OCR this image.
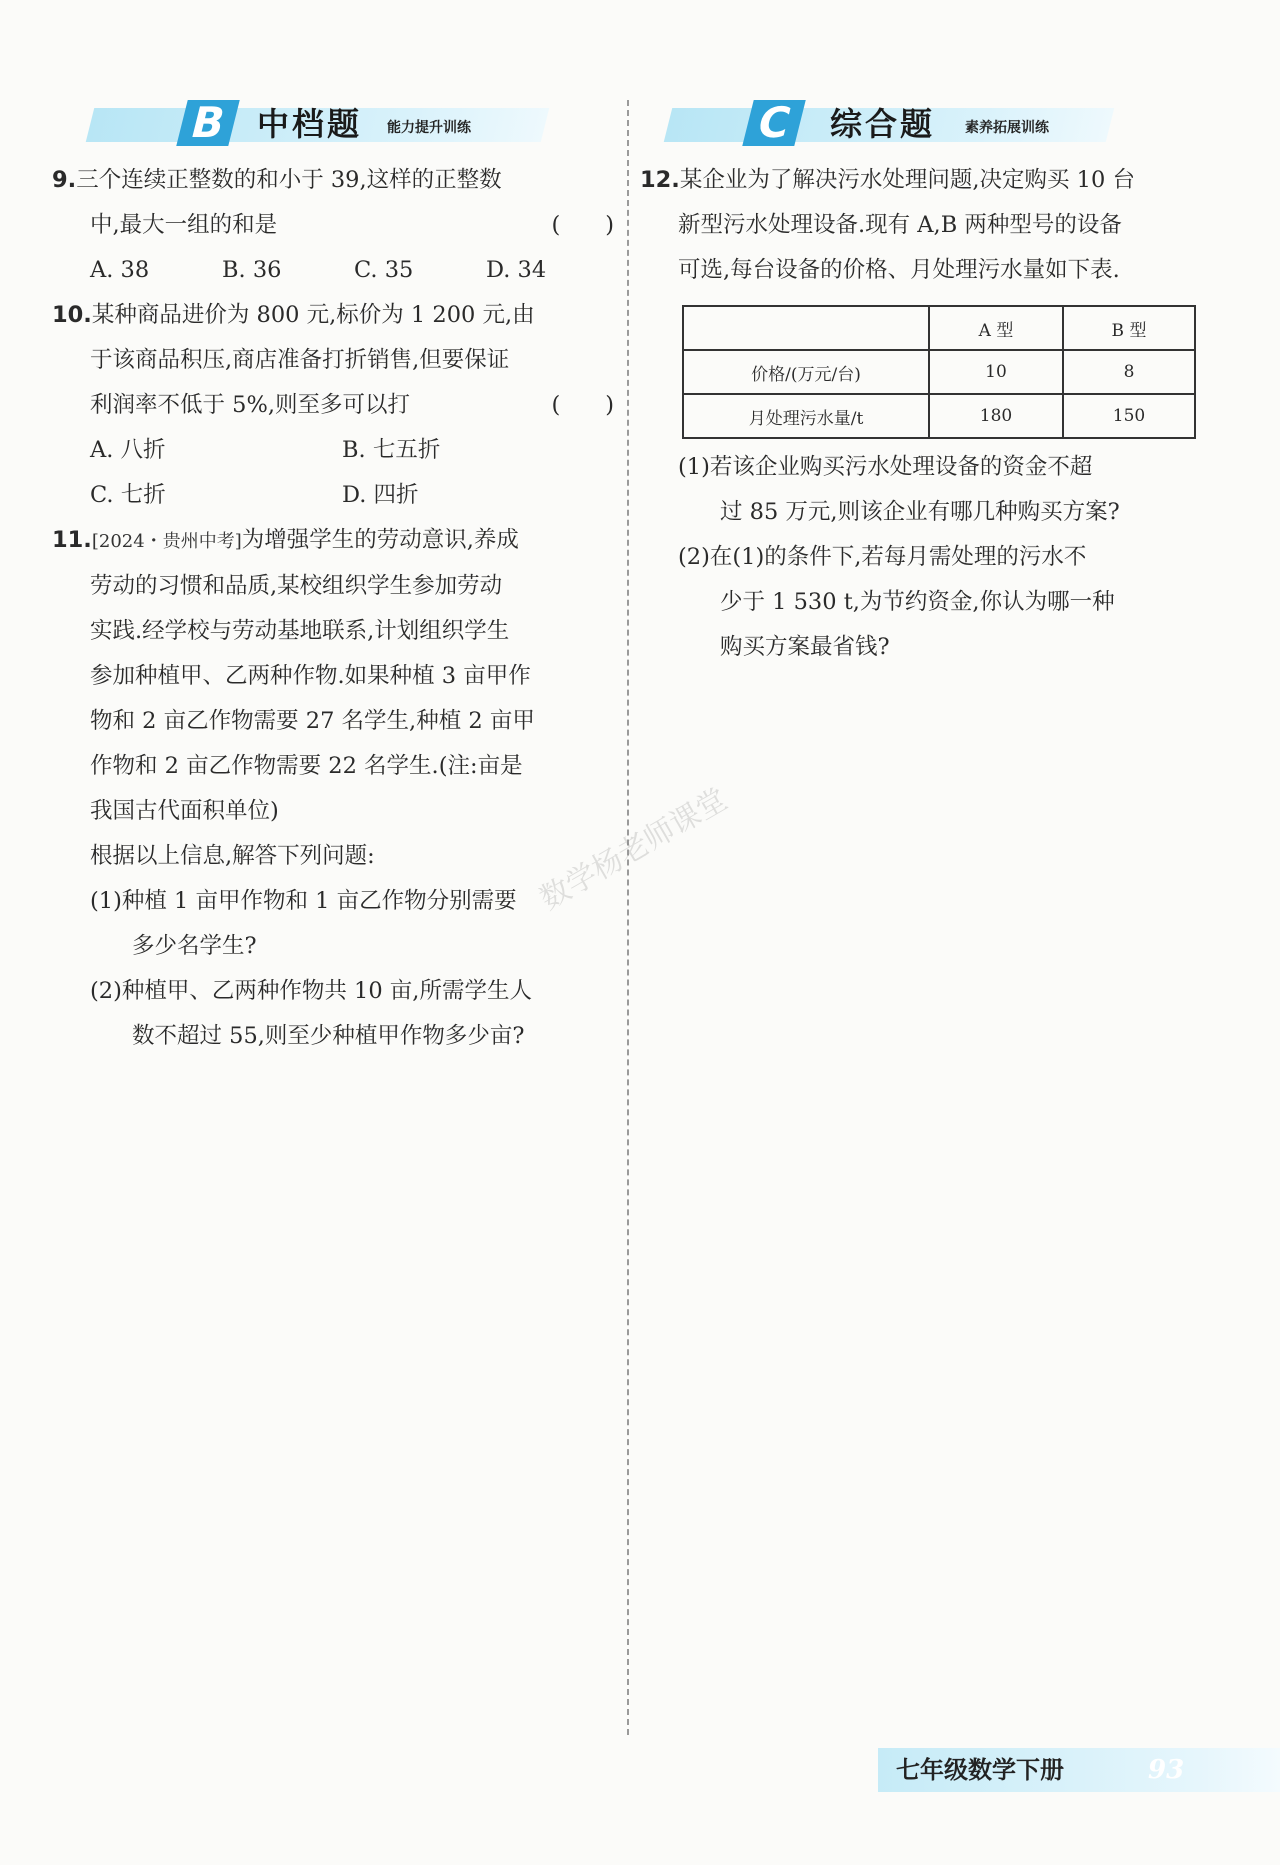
B 中档题 能力提升训练
9.三个连续正整数的和小于 39,这样的正整数
中,最大一组的和是	(　　)
A. 38	B. 36	C. 35	D. 34
10.某种商品进价为 800 元,标价为 1 200 元,由
于该商品积压,商店准备打折销售,但要保证
利润率不低于 5%,则至多可以打	(　　)
A. 八折	B. 七五折
C. 七折	D. 四折
11.[2024・贵州中考]为增强学生的劳动意识,养成
劳动的习惯和品质,某校组织学生参加劳动
实践.经学校与劳动基地联系,计划组织学生
参加种植甲、乙两种作物.如果种植 3 亩甲作
物和 2 亩乙作物需要 27 名学生,种植 2 亩甲
作物和 2 亩乙作物需要 22 名学生.(注:亩是
我国古代面积单位)
根据以上信息,解答下列问题:
(1)种植 1 亩甲作物和 1 亩乙作物分别需要
多少名学生?
(2)种植甲、乙两种作物共 10 亩,所需学生人
数不超过 55,则至少种植甲作物多少亩?
C	综合题 素养拓展训练
12.某企业为了解决污水处理问题,决定购买 10 台
新型污水处理设备.现有 A,B 两种型号的设备
可选,每台设备的价格、月处理污水量如下表.
	A 型	B 型
价格/(万元/台)	10	8
月处理污水量/t	180	150
(1)若该企业购买污水处理设备的资金不超
过 85 万元,则该企业有哪几种购买方案?
(2)在(1)的条件下,若每月需处理的污水不
少于 1 530 t,为节约资金,你认为哪一种
购买方案最省钱?
数学杨老师课堂
七年级数学下册	93
